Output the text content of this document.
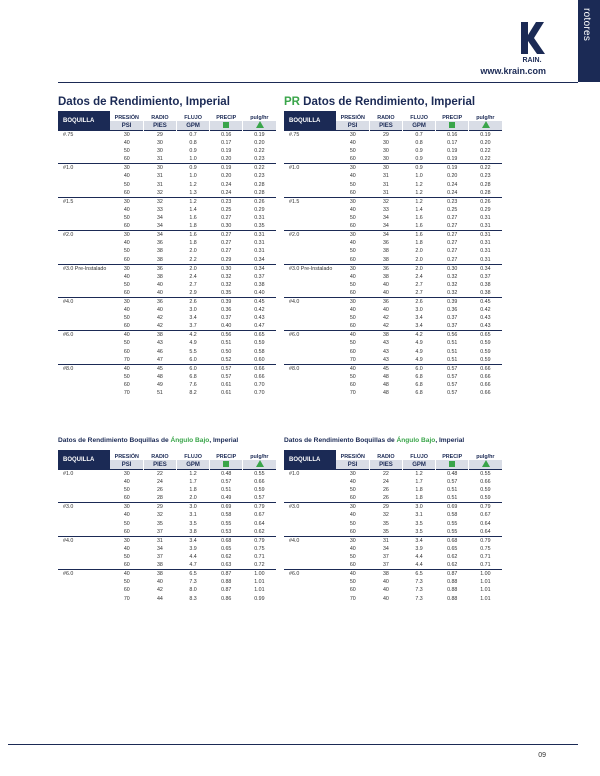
RAIN.
rotores
www.krain.com
Datos de Rendimiento, Imperial	PR Datos de Rendimiento, Imperial
Datos de Rendimiento Boquillas de Ángulo Bajo, Imperial	Datos de Rendimiento Boquillas de Ángulo Bajo, Imperial
BOQUILLA	PRESIÓN	RADIO	FLUJO	PRECIP	pulg/hr
	PSI	PIES	GPM		
#.75	30	29	0.7	0.16	0.19
	40	30	0.8	0.17	0.20
	50	30	0.9	0.19	0.22
	60	31	1.0	0.20	0.23
#1.0	30	30	0.9	0.19	0.22
	40	31	1.0	0.20	0.23
	50	31	1.2	0.24	0.28
	60	32	1.3	0.24	0.28
#1.5	30	32	1.2	0.23	0.26
	40	33	1.4	0.25	0.29
	50	34	1.6	0.27	0.31
	60	34	1.8	0.30	0.35
#2.0	30	34	1.6	0.27	0.31
	40	36	1.8	0.27	0.31
	50	38	2.0	0.27	0.31
	60	38	2.2	0.29	0.34
#3.0 Pre-Instalado	30	36	2.0	0.30	0.34
	40	38	2.4	0.32	0.37
	50	40	2.7	0.32	0.38
	60	40	2.9	0.35	0.40
#4.0	30	36	2.6	0.39	0.45
	40	40	3.0	0.36	0.42
	50	42	3.4	0.37	0.43
	60	42	3.7	0.40	0.47
#6.0	40	38	4.2	0.56	0.65
	50	43	4.9	0.51	0.59
	60	46	5.5	0.50	0.58
	70	47	6.0	0.52	0.60
#8.0	40	45	6.0	0.57	0.66
	50	48	6.8	0.57	0.66
	60	49	7.6	0.61	0.70
	70	51	8.2	0.61	0.70
BOQUILLA	PRESIÓN	RADIO	FLUJO	PRECIP	pulg/hr
	PSI	PIES	GPM		
#.75	30	29	0.7	0.16	0.19
	40	30	0.8	0.17	0.20
	50	30	0.9	0.19	0.22
	60	30	0.9	0.19	0.22
#1.0	30	30	0.9	0.19	0.22
	40	31	1.0	0.20	0.23
	50	31	1.2	0.24	0.28
	60	31	1.2	0.24	0.28
#1.5	30	32	1.2	0.23	0.26
	40	33	1.4	0.25	0.29
	50	34	1.6	0.27	0.31
	60	34	1.6	0.27	0.31
#2.0	30	34	1.6	0.27	0.31
	40	36	1.8	0.27	0.31
	50	38	2.0	0.27	0.31
	60	38	2.0	0.27	0.31
#3.0 Pre-Instalado	30	36	2.0	0.30	0.34
	40	38	2.4	0.32	0.37
	50	40	2.7	0.32	0.38
	60	40	2.7	0.32	0.38
#4.0	30	36	2.6	0.39	0.45
	40	40	3.0	0.36	0.42
	50	42	3.4	0.37	0.43
	60	42	3.4	0.37	0.43
#6.0	40	38	4.2	0.56	0.65
	50	43	4.9	0.51	0.59
	60	43	4.9	0.51	0.59
	70	43	4.9	0.51	0.59
#8.0	40	45	6.0	0.57	0.66
	50	48	6.8	0.57	0.66
	60	48	6.8	0.57	0.66
	70	48	6.8	0.57	0.66
BOQUILLA	PRESIÓN	RADIO	FLUJO	PRECIP	pulg/hr
	PSI	PIES	GPM		
#1.0	30	22	1.2	0.48	0.55
	40	24	1.7	0.57	0.66
	50	26	1.8	0.51	0.59
	60	28	2.0	0.49	0.57
#3.0	30	29	3.0	0.69	0.79
	40	32	3.1	0.58	0.67
	50	35	3.5	0.55	0.64
	60	37	3.8	0.53	0.62
#4.0	30	31	3.4	0.68	0.79
	40	34	3.9	0.65	0.75
	50	37	4.4	0.62	0.71
	60	38	4.7	0.63	0.72
#6.0	40	38	6.5	0.87	1.00
	50	40	7.3	0.88	1.01
	60	42	8.0	0.87	1.01
	70	44	8.3	0.86	0.99
BOQUILLA	PRESIÓN	RADIO	FLUJO	PRECIP	pulg/hr
	PSI	PIES	GPM		
#1.0	30	22	1.2	0.48	0.55
	40	24	1.7	0.57	0.66
	50	26	1.8	0.51	0.59
	60	26	1.8	0.51	0.59
#3.0	30	29	3.0	0.69	0.79
	40	32	3.1	0.58	0.67
	50	35	3.5	0.55	0.64
	60	35	3.5	0.55	0.64
#4.0	30	31	3.4	0.68	0.79
	40	34	3.9	0.65	0.75
	50	37	4.4	0.62	0.71
	60	37	4.4	0.62	0.71
#6.0	40	38	6.5	0.87	1.00
	50	40	7.3	0.88	1.01
	60	40	7.3	0.88	1.01
	70	40	7.3	0.88	1.01
09
